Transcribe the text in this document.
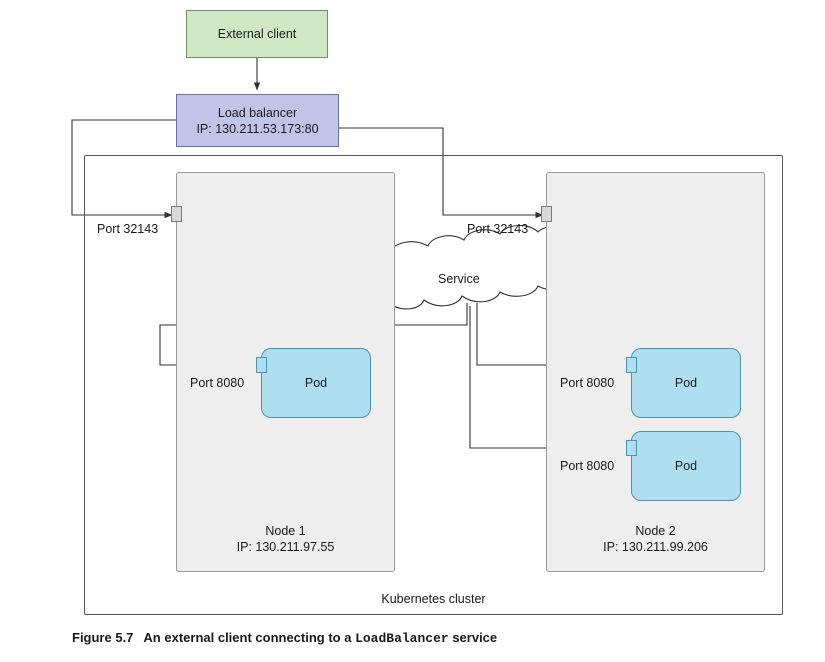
Kubernetes cluster
Node 1
IP: 130.211.97.55
Node 2
IP: 130.211.99.206
Pod	Pod
Pod
External client
Load balancer
IP: 130.211.53.173:80
Service
Port 32143	Port 32143
Port 8080	Port 8080
Port 8080
Figure 5.7 An external client connecting to a LoadBalancer service
